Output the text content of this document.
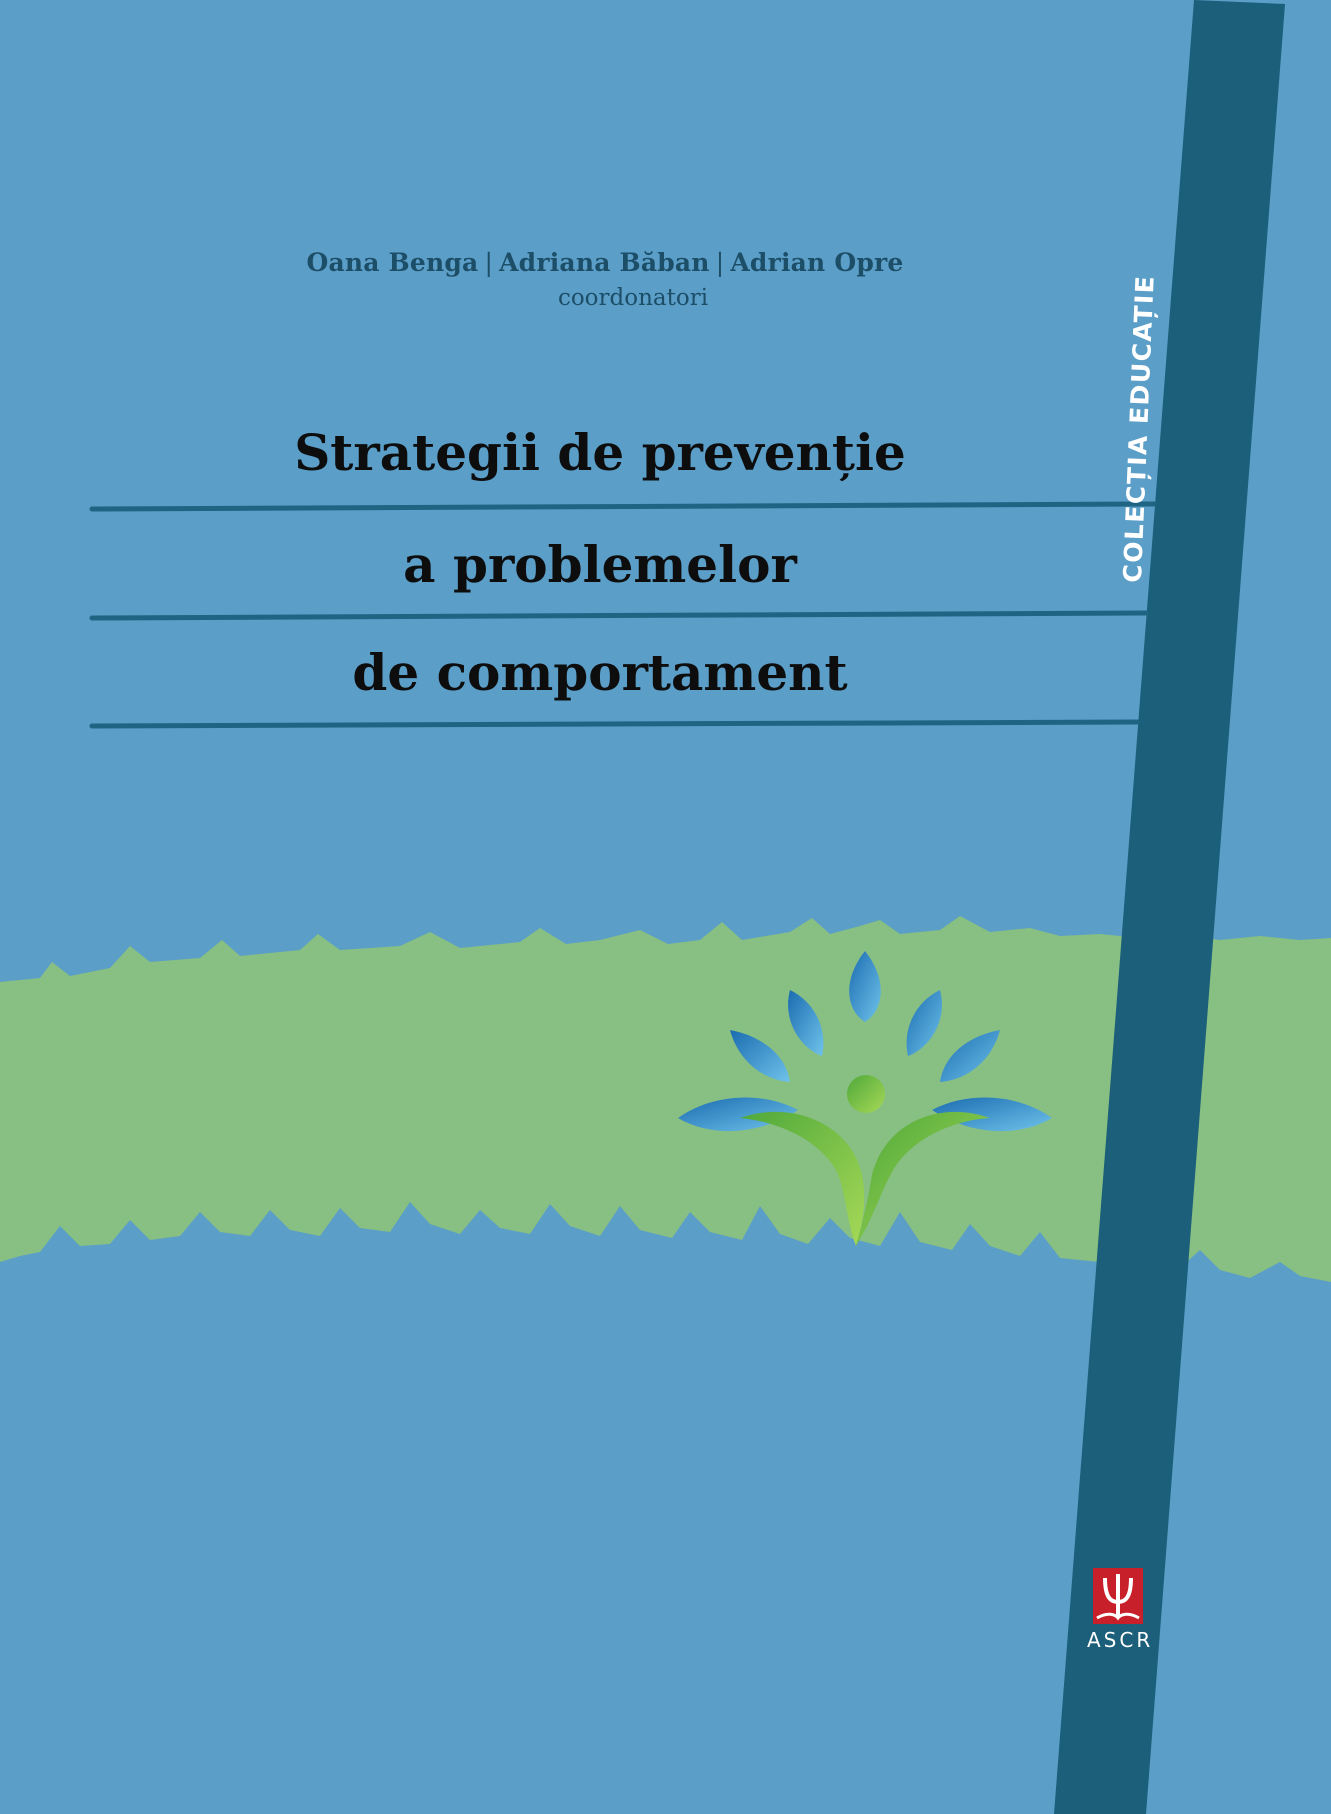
Oana Benga | Adriana Băban | Adrian Opre
coordonatori
Strategii de prevenție
a problemelor
de comportament
COLECȚIA EDUCAȚIE
ASCR
